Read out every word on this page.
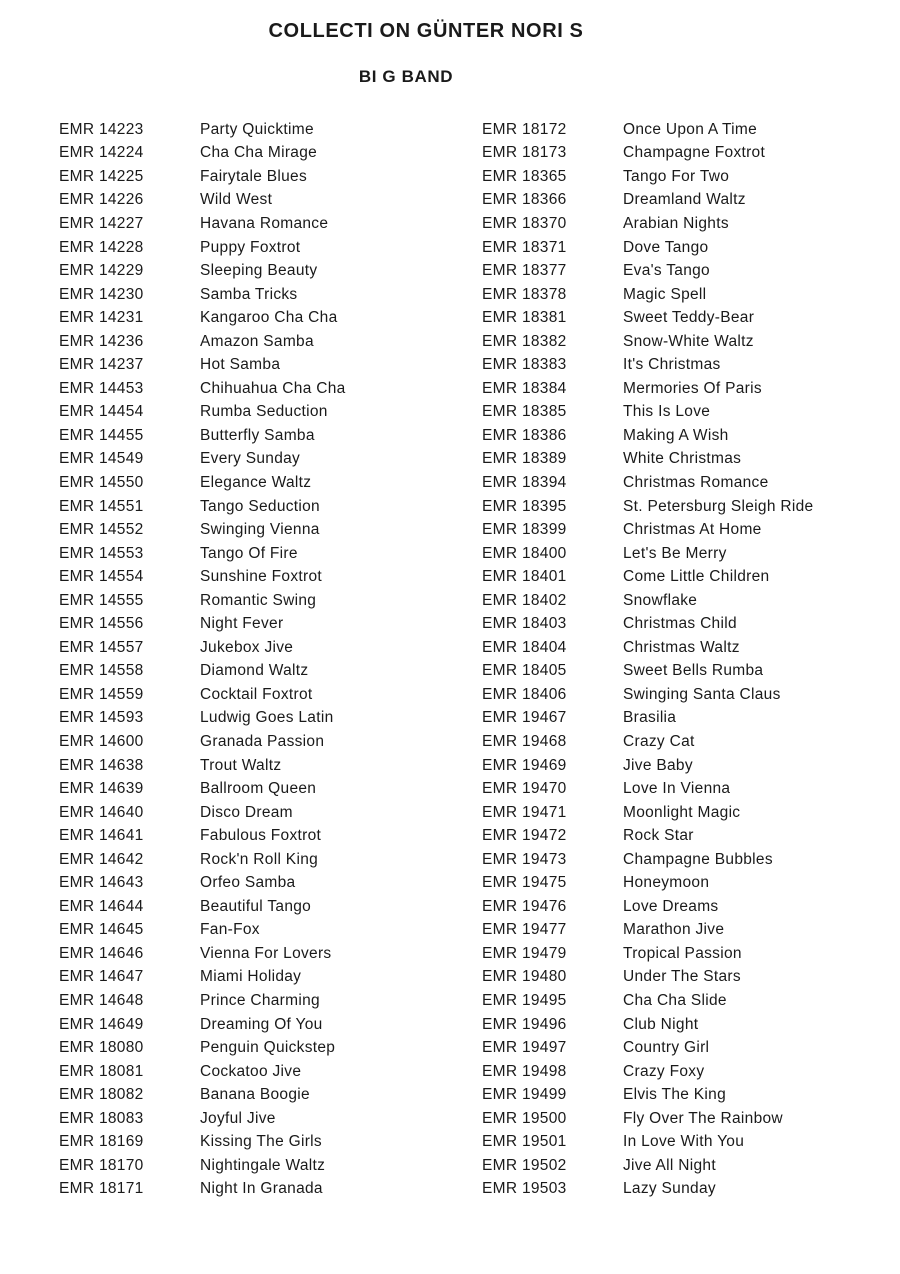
COLLECTI ON GÜNTER NORI S
BI G BAND
EMR 14223	Party Quicktime
EMR 14224	Cha Cha Mirage
EMR 14225	Fairytale Blues
EMR 14226	Wild West
EMR 14227	Havana Romance
EMR 14228	Puppy Foxtrot
EMR 14229	Sleeping Beauty
EMR 14230	Samba Tricks
EMR 14231	Kangaroo Cha Cha
EMR 14236	Amazon Samba
EMR 14237	Hot Samba
EMR 14453	Chihuahua Cha Cha
EMR 14454	Rumba Seduction
EMR 14455	Butterfly Samba
EMR 14549	Every Sunday
EMR 14550	Elegance Waltz
EMR 14551	Tango Seduction
EMR 14552	Swinging Vienna
EMR 14553	Tango Of Fire
EMR 14554	Sunshine Foxtrot
EMR 14555	Romantic Swing
EMR 14556	Night Fever
EMR 14557	Jukebox Jive
EMR 14558	Diamond Waltz
EMR 14559	Cocktail Foxtrot
EMR 14593	Ludwig Goes Latin
EMR 14600	Granada Passion
EMR 14638	Trout Waltz
EMR 14639	Ballroom Queen
EMR 14640	Disco Dream
EMR 14641	Fabulous Foxtrot
EMR 14642	Rock'n Roll King
EMR 14643	Orfeo Samba
EMR 14644	Beautiful Tango
EMR 14645	Fan-Fox
EMR 14646	Vienna For Lovers
EMR 14647	Miami Holiday
EMR 14648	Prince Charming
EMR 14649	Dreaming Of You
EMR 18080	Penguin Quickstep
EMR 18081	Cockatoo Jive
EMR 18082	Banana Boogie
EMR 18083	Joyful Jive
EMR 18169	Kissing The Girls
EMR 18170	Nightingale Waltz
EMR 18171	Night In Granada
EMR 18172	Once Upon A Time
EMR 18173	Champagne Foxtrot
EMR 18365	Tango For Two
EMR 18366	Dreamland Waltz
EMR 18370	Arabian Nights
EMR 18371	Dove Tango
EMR 18377	Eva's Tango
EMR 18378	Magic Spell
EMR 18381	Sweet Teddy-Bear
EMR 18382	Snow-White Waltz
EMR 18383	It's Christmas
EMR 18384	Mermories Of Paris
EMR 18385	This Is Love
EMR 18386	Making A Wish
EMR 18389	White Christmas
EMR 18394	Christmas Romance
EMR 18395	St. Petersburg Sleigh Ride
EMR 18399	Christmas At Home
EMR 18400	Let's Be Merry
EMR 18401	Come Little Children
EMR 18402	Snowflake
EMR 18403	Christmas Child
EMR 18404	Christmas Waltz
EMR 18405	Sweet Bells Rumba
EMR 18406	Swinging Santa Claus
EMR 19467	Brasilia
EMR 19468	Crazy Cat
EMR 19469	Jive Baby
EMR 19470	Love In Vienna
EMR 19471	Moonlight Magic
EMR 19472	Rock Star
EMR 19473	Champagne Bubbles
EMR 19475	Honeymoon
EMR 19476	Love Dreams
EMR 19477	Marathon Jive
EMR 19479	Tropical Passion
EMR 19480	Under The Stars
EMR 19495	Cha Cha Slide
EMR 19496	Club Night
EMR 19497	Country Girl
EMR 19498	Crazy Foxy
EMR 19499	Elvis The King
EMR 19500	Fly Over The Rainbow
EMR 19501	In Love With You
EMR 19502	Jive All Night
EMR 19503	Lazy Sunday
